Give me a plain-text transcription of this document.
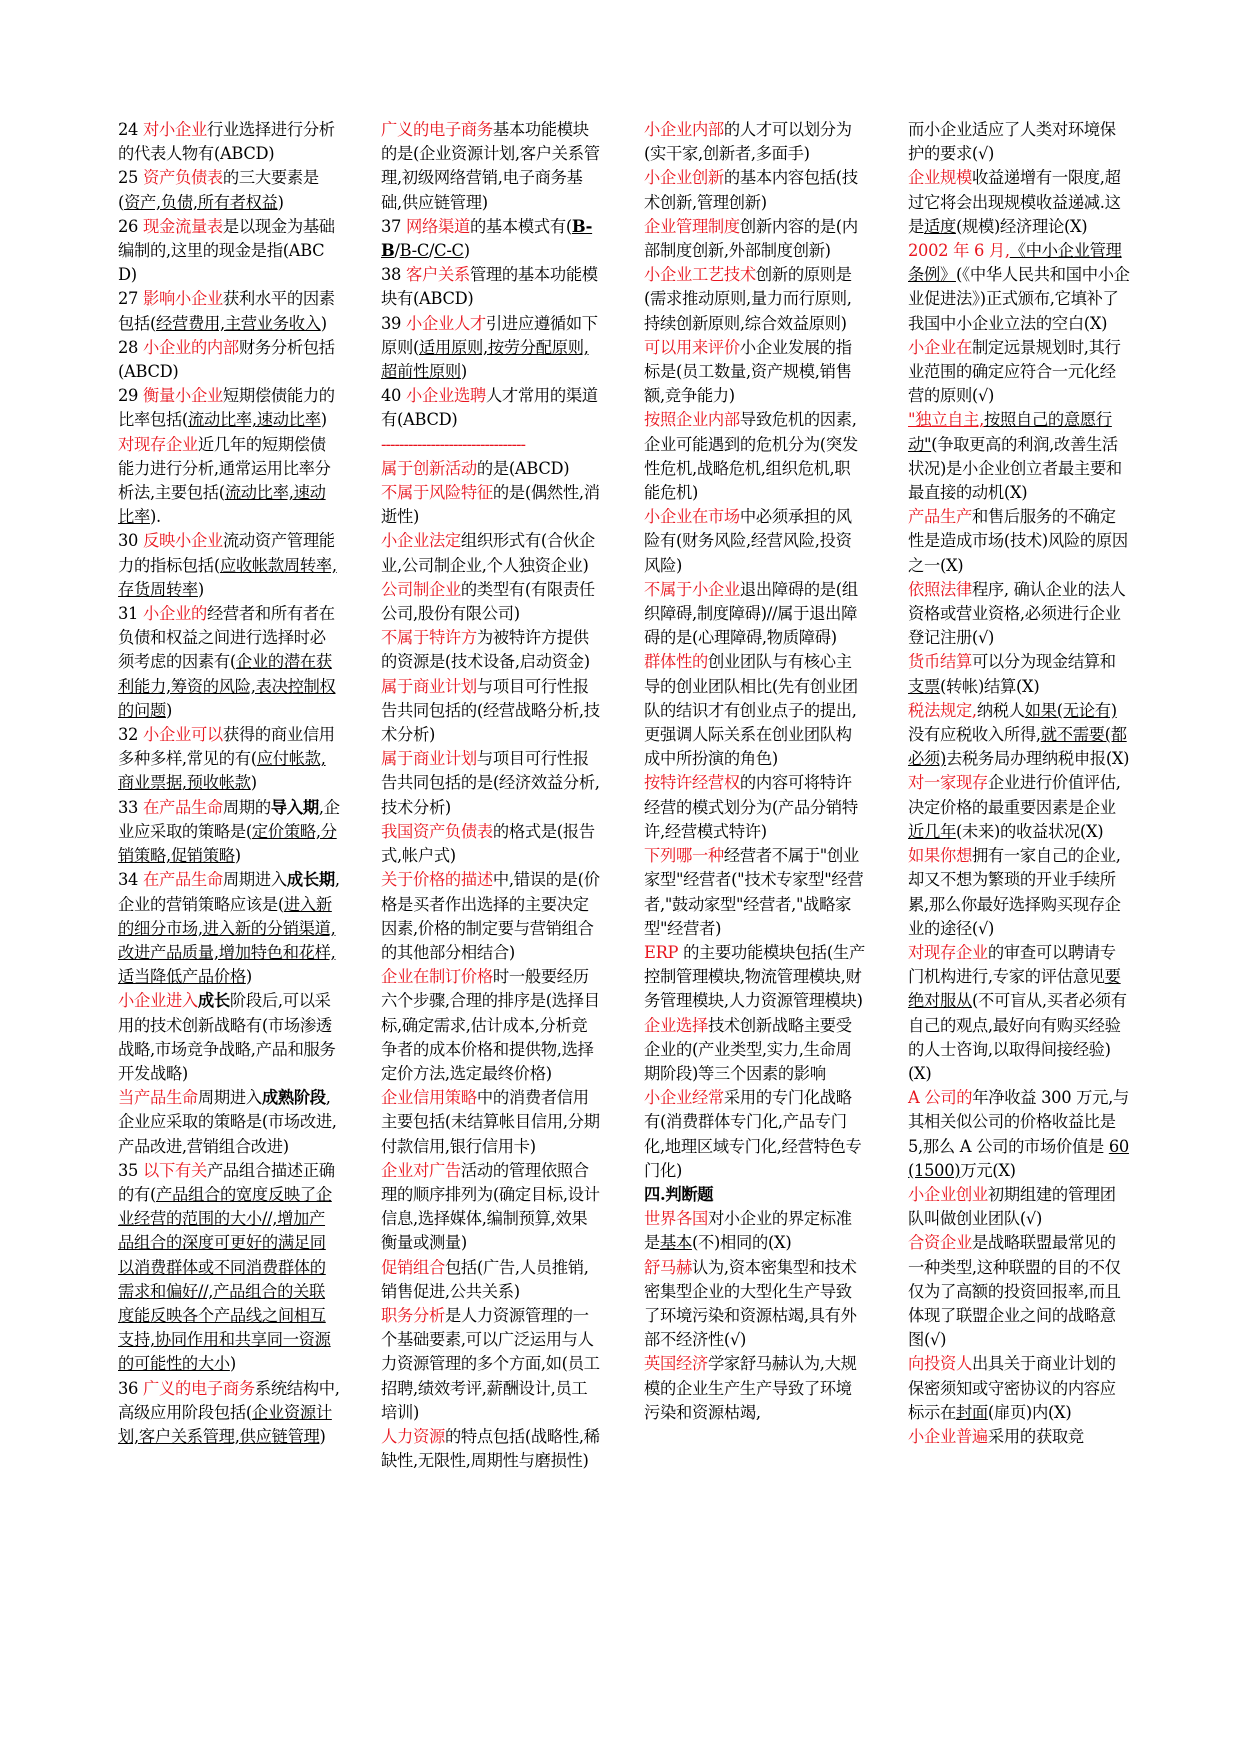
24 对小企业行业选择进行分析的代表人物有(ABCD)

25 资产负债表的三大要素是(资产,负债,所有者权益)

26 现金流量表是以现金为基础编制的,这里的现金是指(ABCD)

27 影响小企业获利水平的因素包括(经营费用,主营业务收入)

28 小企业的内部财务分析包括(ABCD)

29 衡量小企业短期偿债能力的比率包括(流动比率,速动比率)

对现存企业近几年的短期偿债能力进行分析,通常运用比率分析法,主要包括(流动比率,速动比率).

30 反映小企业流动资产管理能力的指标包括(应收帐款周转率,存货周转率)

31 小企业的经营者和所有者在负债和权益之间进行选择时必须考虑的因素有(企业的潜在获利能力,筹资的风险,表决控制权的问题)

32 小企业可以获得的商业信用多种多样,常见的有(应付帐款,商业票据,预收帐款)

33 在产品生命周期的导入期,企业应采取的策略是(定价策略,分销策略,促销策略)

34 在产品生命周期进入成长期,企业的营销策略应该是(进入新的细分市场,进入新的分销渠道,改进产品质量,增加特色和花样,适当降低产品价格)

小企业进入成长阶段后,可以采用的技术创新战略有(市场渗透战略,市场竞争战略,产品和服务开发战略)

当产品生命周期进入成熟阶段,企业应采取的策略是(市场改进,产品改进,营销组合改进)

35 以下有关产品组合描述正确的有(产品组合的宽度反映了企业经营的范围的大小//,增加产品组合的深度可更好的满足同以消费群体或不同消费群体的需求和偏好//,产品组合的关联度能反映各个产品线之间相互支持,协同作用和共享同一资源的可能性的大小)

36 广义的电子商务系统结构中,高级应用阶段包括(企业资源计划,客户关系管理,供应链管理)

广义的电子商务基本功能模块的是(企业资源计划,客户关系管理,初级网络营销,电子商务基础,供应链管理)

37 网络渠道的基本模式有(B-B/B-C/C-C)

38 客户关系管理的基本功能模块有(ABCD)

39 小企业人才引进应遵循如下原则(适用原则,按劳分配原则,超前性原则)

40 小企业选聘人才常用的渠道有(ABCD)

--------------------------------

属于创新活动的是(ABCD)

不属于风险特征的是(偶然性,消逝性)

小企业法定组织形式有(合伙企业,公司制企业,个人独资企业)

公司制企业的类型有(有限责任公司,股份有限公司)

不属于特许方为被特许方提供的资源是(技术设备,启动资金)

属于商业计划与项目可行性报告共同包括的(经营战略分析,技术分析)

属于商业计划与项目可行性报告共同包括的是(经济效益分析,技术分析)

我国资产负债表的格式是(报告式,帐户式)

关于价格的描述中,错误的是(价格是买者作出选择的主要决定因素,价格的制定要与营销组合的其他部分相结合)

企业在制订价格时一般要经历六个步骤,合理的排序是(选择目标,确定需求,估计成本,分析竞争者的成本价格和提供物,选择定价方法,选定最终价格)

企业信用策略中的消费者信用主要包括(未结算帐目信用,分期付款信用,银行信用卡)

企业对广告活动的管理依照合理的顺序排列为(确定目标,设计信息,选择媒体,编制预算,效果衡量或测量)

促销组合包括(广告,人员推销,销售促进,公共关系)

职务分析是人力资源管理的一个基础要素,可以广泛运用与人力资源管理的多个方面,如(员工招聘,绩效考评,薪酬设计,员工培训)

人力资源的特点包括(战略性,稀缺性,无限性,周期性与磨损性)

小企业内部的人才可以划分为(实干家,创新者,多面手)

小企业创新的基本内容包括(技术创新,管理创新)

企业管理制度创新内容的是(内部制度创新,外部制度创新)

小企业工艺技术创新的原则是(需求推动原则,量力而行原则,持续创新原则,综合效益原则)

可以用来评价小企业发展的指标是(员工数量,资产规模,销售额,竞争能力)

按照企业内部导致危机的因素,企业可能遇到的危机分为(突发性危机,战略危机,组织危机,职能危机)

小企业在市场中必须承担的风险有(财务风险,经营风险,投资风险)

不属于小企业退出障碍的是(组织障碍,制度障碍)//属于退出障碍的是(心理障碍,物质障碍)

群体性的创业团队与有核心主导的创业团队相比(先有创业团队的结识才有创业点子的提出,更强调人际关系在创业团队构成中所扮演的角色)

按特许经营权的内容可将特许经营的模式划分为(产品分销特许,经营模式特许)

下列哪一种经营者不属于"创业家型"经营者("技术专家型"经营者,"鼓动家型"经营者,"战略家型"经营者)

ERP 的主要功能模块包括(生产控制管理模块,物流管理模块,财务管理模块,人力资源管理模块)

企业选择技术创新战略主要受企业的(产业类型,实力,生命周期阶段)等三个因素的影响

小企业经常采用的专门化战略有(消费群体专门化,产品专门化,地理区域专门化,经营特色专门化)

四.判断题

世界各国对小企业的界定标准是基本(不)相同的(X)

舒马赫认为,资本密集型和技术密集型企业的大型化生产导致了环境污染和资源枯竭,具有外部不经济性(√)

英国经济学家舒马赫认为,大规模的企业生产生产导致了环境污染和资源枯竭,

而小企业适应了人类对环境保护的要求(√)

企业规模收益递增有一限度,超过它将会出现规模收益递减.这是适度(规模)经济理论(X)

2002 年 6 月,《中小企业管理条例》(《中华人民共和国中小企业促进法》)正式颁布,它填补了我国中小企业立法的空白(X)

小企业在制定远景规划时,其行业范围的确定应符合一元化经营的原则(√)

"独立自主,按照自己的意愿行动"(争取更高的利润,改善生活状况)是小企业创立者最主要和最直接的动机(X)

产品生产和售后服务的不确定性是造成市场(技术)风险的原因之一(X)

依照法律程序, 确认企业的法人资格或营业资格,必须进行企业登记注册(√)

货币结算可以分为现金结算和支票(转帐)结算(X)

税法规定,纳税人如果(无论有)没有应税收入所得,就不需要(都必须)去税务局办理纳税申报(X)

对一家现存企业进行价值评估,决定价格的最重要因素是企业近几年(未来)的收益状况(X)

如果你想拥有一家自己的企业,却又不想为繁琐的开业手续所累,那么你最好选择购买现存企业的途径(√)

对现存企业的审查可以聘请专门机构进行,专家的评估意见要绝对服从(不可盲从,买者必须有自己的观点,最好向有购买经验的人士咨询,以取得间接经验)(X)

A 公司的年净收益 300 万元,与其相关似公司的价格收益比是 5,那么 A 公司的市场价值是 60(1500)万元(X)

小企业创业初期组建的管理团队叫做创业团队(√)

合资企业是战略联盟最常见的一种类型,这种联盟的目的不仅仅为了高额的投资回报率,而且体现了联盟企业之间的战略意图(√)

向投资人出具关于商业计划的保密须知或守密协议的内容应标示在封面(扉页)内(X)

小企业普遍采用的获取竞
